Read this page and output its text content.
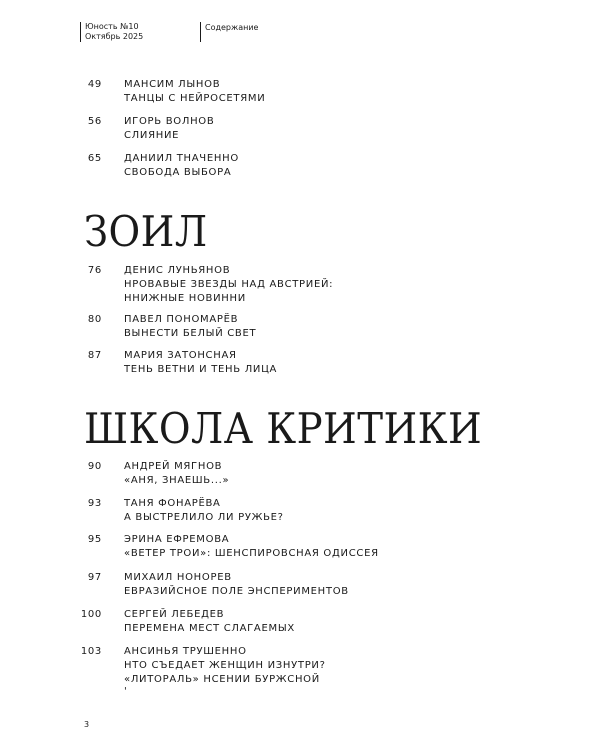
Юность №10
Октябрь 2025
Содержание
49 МАНСИМ ЛЫНОВ
ТАНЦЫ С НЕЙРОСЕТЯМИ
56 ИГОРЬ ВОЛНОВ
СЛИЯНИЕ
65 ДАНИИЛ ТНАЧЕННО
СВОБОДА ВЫБОРА
ЗОИЛ
76 ДЕНИС ЛУНЬЯНОВ
НРОВАВЫЕ ЗВЕЗДЫ НАД АВСТРИЕЙ:
ННИЖНЫЕ НОВИННИ
80 ПАВЕЛ ПОНОМАРЁВ
ВЫНЕСТИ БЕЛЫЙ СВЕТ
87 МАРИЯ ЗАТОНСНАЯ
ТЕНЬ ВЕТНИ И ТЕНЬ ЛИЦА
ШКОЛА КРИТИКИ
90 АНДРЕЙ МЯГНОВ
«АНЯ, ЗНАЕШЬ...»
93 ТАНЯ ФОНАРЁВА
А ВЫСТРЕЛИЛО ЛИ РУЖЬЕ?
95 ЭРИНА ЕФРЕМОВА
«ВЕТЕР ТРОИ»: ШЕНСПИРОВСНАЯ ОДИССЕЯ
97 МИХАИЛ НОНОРЕВ
ЕВРАЗИЙСНОЕ ПОЛЕ ЭНСПЕРИМЕНТОВ
100 СЕРГЕЙ ЛЕБЕДЕВ
ПЕРЕМЕНА МЕСТ СЛАГАЕМЫХ
103 АНСИНЬЯ ТРУШЕННО
НТО СЪЕДАЕТ ЖЕНЩИН ИЗНУТРИ?
«ЛИТОРАЛЬ» НСЕНИИ БУРЖСНОЙ
'
3
